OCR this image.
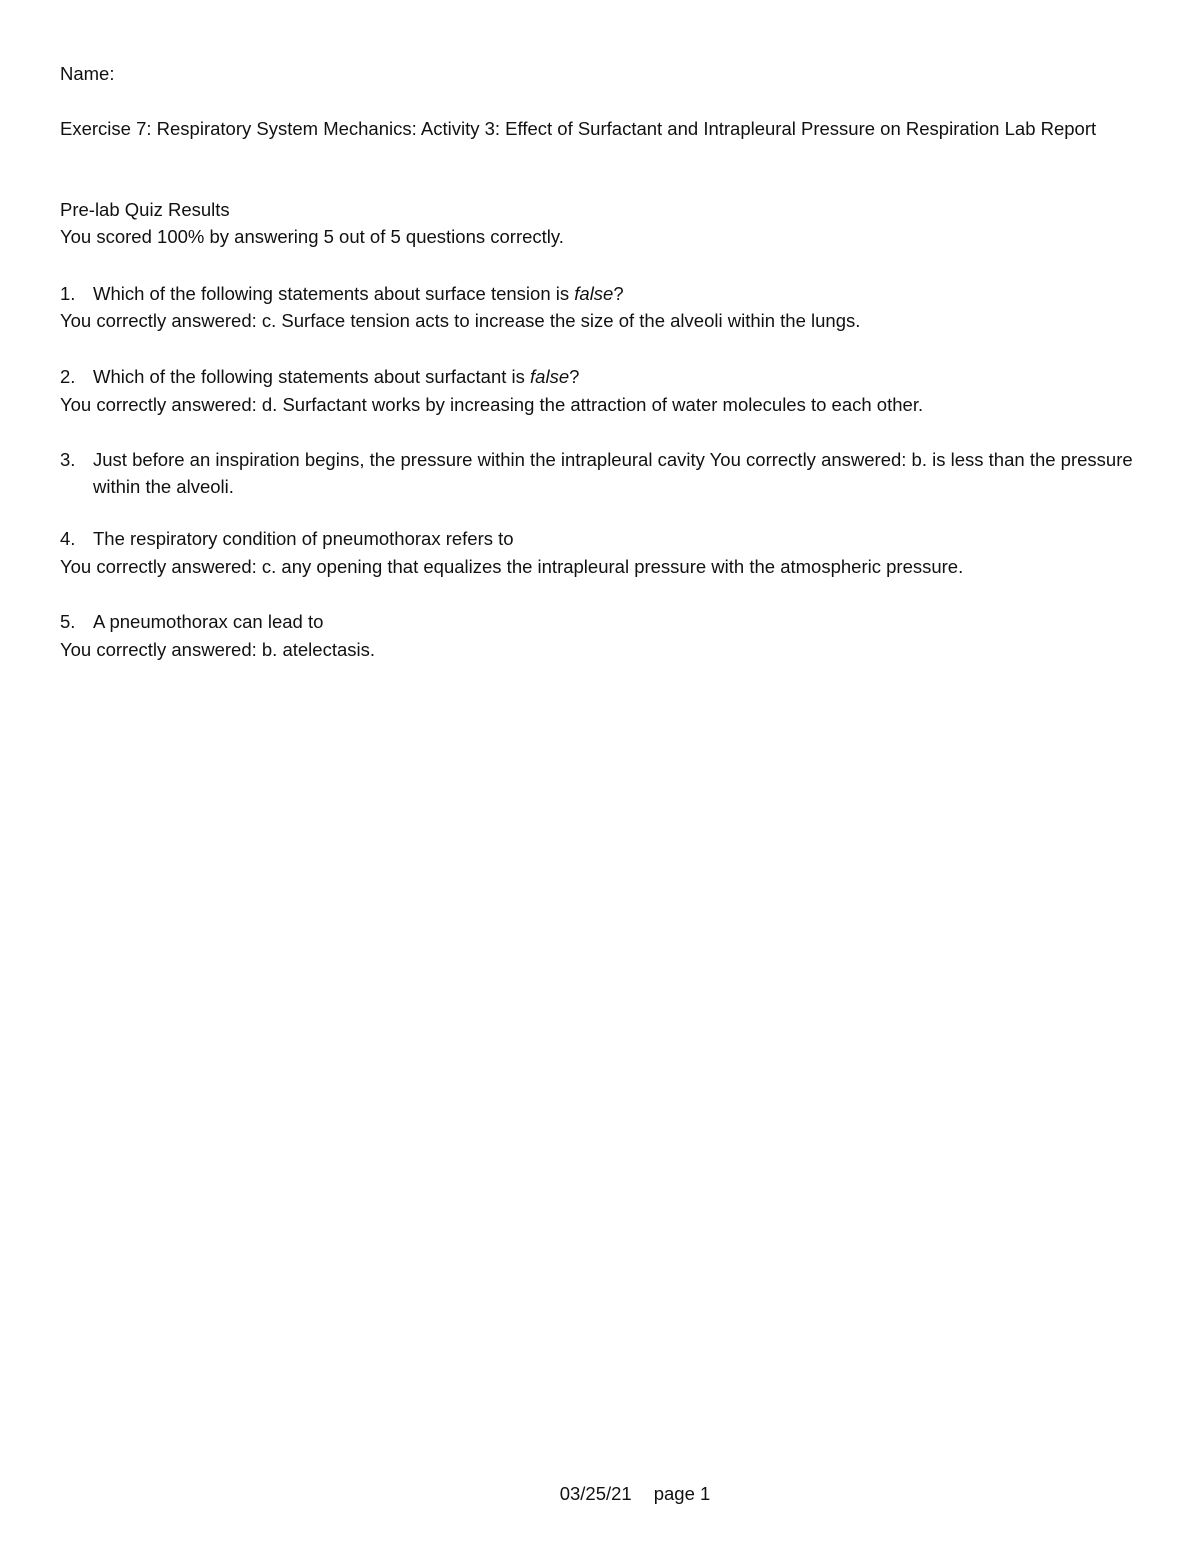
Name:
Exercise 7: Respiratory System Mechanics: Activity 3: Effect of Surfactant and Intrapleural Pressure on Respiration Lab Report
Pre-lab Quiz Results
You scored 100% by answering 5 out of 5 questions correctly.
1. Which of the following statements about surface tension is false?
You correctly answered: c. Surface tension acts to increase the size of the alveoli within the lungs.
2. Which of the following statements about surfactant is false?
You correctly answered: d. Surfactant works by increasing the attraction of water molecules to each other.
3. Just before an inspiration begins, the pressure within the intrapleural cavity You correctly answered: b. is less than the pressure within the alveoli.
4. The respiratory condition of pneumothorax refers to
You correctly answered: c. any opening that equalizes the intrapleural pressure with the atmospheric pressure.
5. A pneumothorax can lead to
You correctly answered: b. atelectasis.
03/25/21 page 1
